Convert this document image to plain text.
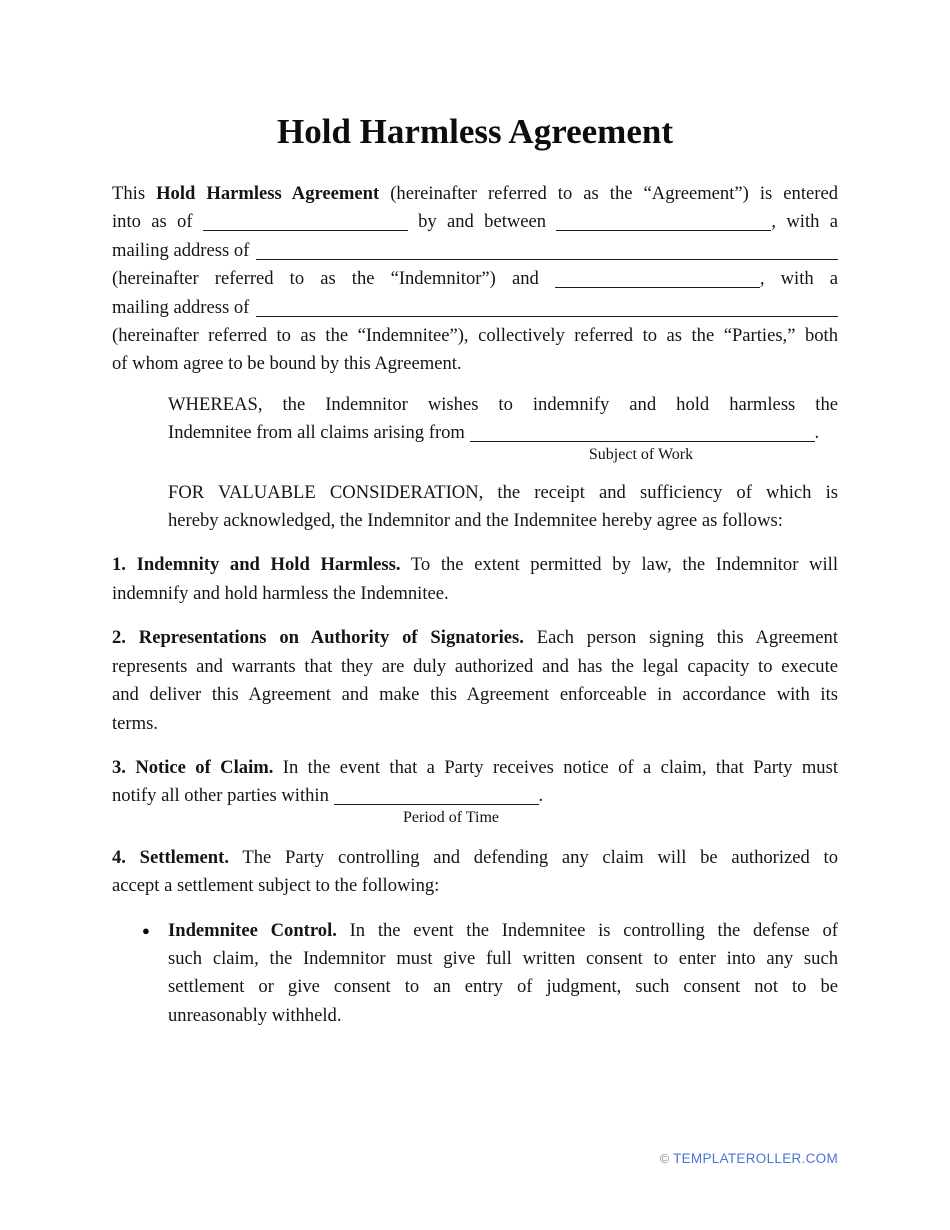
Hold Harmless Agreement
This Hold Harmless Agreement (hereinafter referred to as the “Agreement”) is entered
into as of	by and between	, with a
mailing address of
(hereinafter referred to as the “Indemnitor”) and	, with a
mailing address of
(hereinafter referred to as the “Indemnitee”), collectively referred to as the “Parties,” both
of whom agree to be bound by this Agreement.
WHEREAS, the Indemnitor wishes to indemnify and hold harmless the
Indemnitee from all claims arising from	.
Subject of Work
FOR VALUABLE CONSIDERATION, the receipt and sufficiency of which is
hereby acknowledged, the Indemnitor and the Indemnitee hereby agree as follows:
1. Indemnity and Hold Harmless. To the extent permitted by law, the Indemnitor will
indemnify and hold harmless the Indemnitee.
2. Representations on Authority of Signatories. Each person signing this Agreement
represents and warrants that they are duly authorized and has the legal capacity to execute
and deliver this Agreement and make this Agreement enforceable in accordance with its
terms.
3. Notice of Claim. In the event that a Party receives notice of a claim, that Party must
notify all other parties within	.
Period of Time
4. Settlement. The Party controlling and defending any claim will be authorized to
accept a settlement subject to the following:
● Indemnitee Control. In the event the Indemnitee is controlling the defense of
such claim, the Indemnitor must give full written consent to enter into any such
settlement or give consent to an entry of judgment, such consent not to be
unreasonably withheld.
© TEMPLATEROLLER.COM
